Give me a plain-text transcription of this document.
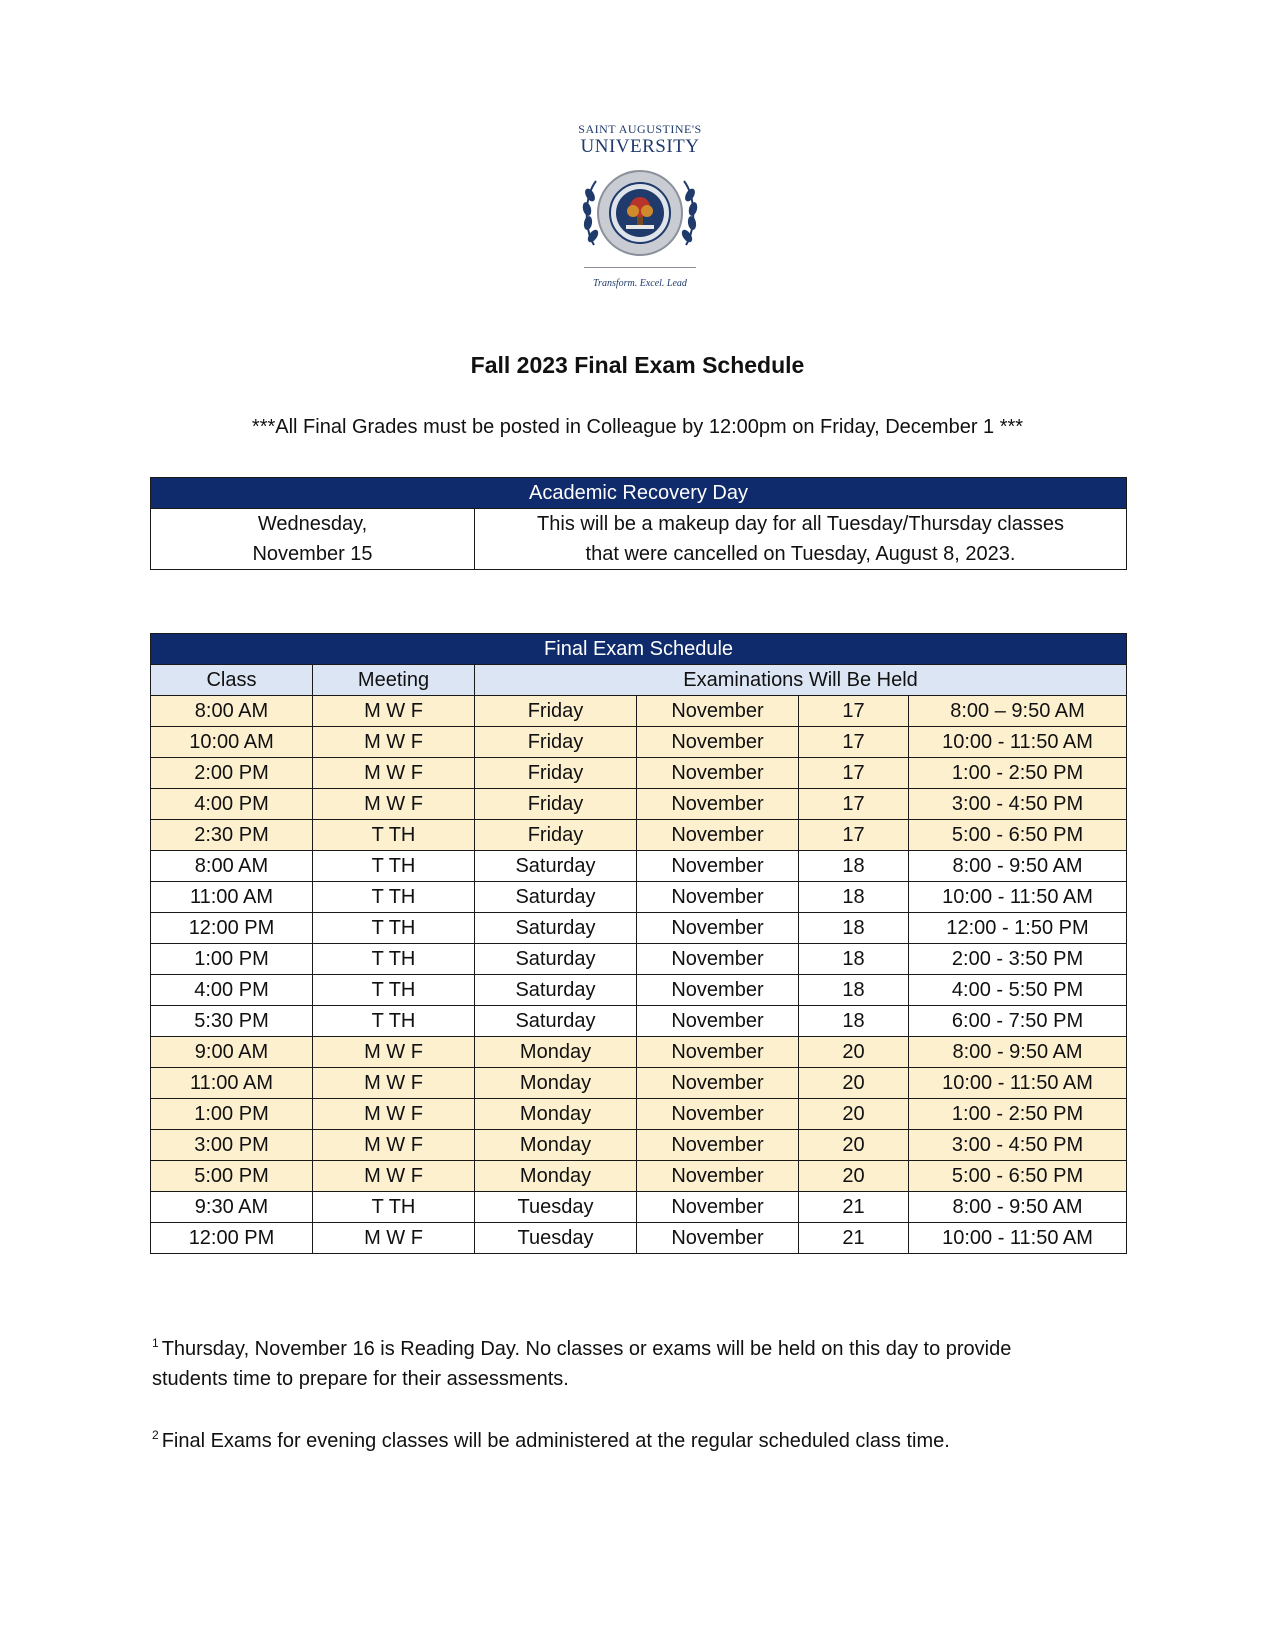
SAINT AUGUSTINE'S
UNIVERSITY
Transform. Excel. Lead
Fall 2023 Final Exam Schedule
***All Final Grades must be posted in Colleague by 12:00pm on Friday, December 1 ***
Academic Recovery Day

Wednesday,
November 15

This will be a makeup day for all Tuesday/Thursday classes
that were cancelled on Tuesday, August 8, 2023.
Final Exam Schedule					
Class	Meeting	Examinations Will Be Held			
8:00 AM	M W F	Friday	November	17	8:00 – 9:50 AM
10:00 AM	M W F	Friday	November	17	10:00 - 11:50 AM
2:00 PM	M W F	Friday	November	17	1:00 - 2:50 PM
4:00 PM	M W F	Friday	November	17	3:00 - 4:50 PM
2:30 PM	T TH	Friday	November	17	5:00 - 6:50 PM
8:00 AM	T TH	Saturday	November	18	8:00 - 9:50 AM
11:00 AM	T TH	Saturday	November	18	10:00 - 11:50 AM
12:00 PM	T TH	Saturday	November	18	12:00 - 1:50 PM
1:00 PM	T TH	Saturday	November	18	2:00 - 3:50 PM
4:00 PM	T TH	Saturday	November	18	4:00 - 5:50 PM
5:30 PM	T TH	Saturday	November	18	6:00 - 7:50 PM
9:00 AM	M W F	Monday	November	20	8:00 - 9:50 AM
11:00 AM	M W F	Monday	November	20	10:00 - 11:50 AM
1:00 PM	M W F	Monday	November	20	1:00 - 2:50 PM
3:00 PM	M W F	Monday	November	20	3:00 - 4:50 PM
5:00 PM	M W F	Monday	November	20	5:00 - 6:50 PM
9:30 AM	T TH	Tuesday	November	21	8:00 - 9:50 AM
12:00 PM	M W F	Tuesday	November	21	10:00 - 11:50 AM
$^1$ Thursday, November 16 is Reading Day. No classes or exams will be held on this day to provide students time to prepare for their assessments.
$^2$ Final Exams for evening classes will be administered at the regular scheduled class time.
